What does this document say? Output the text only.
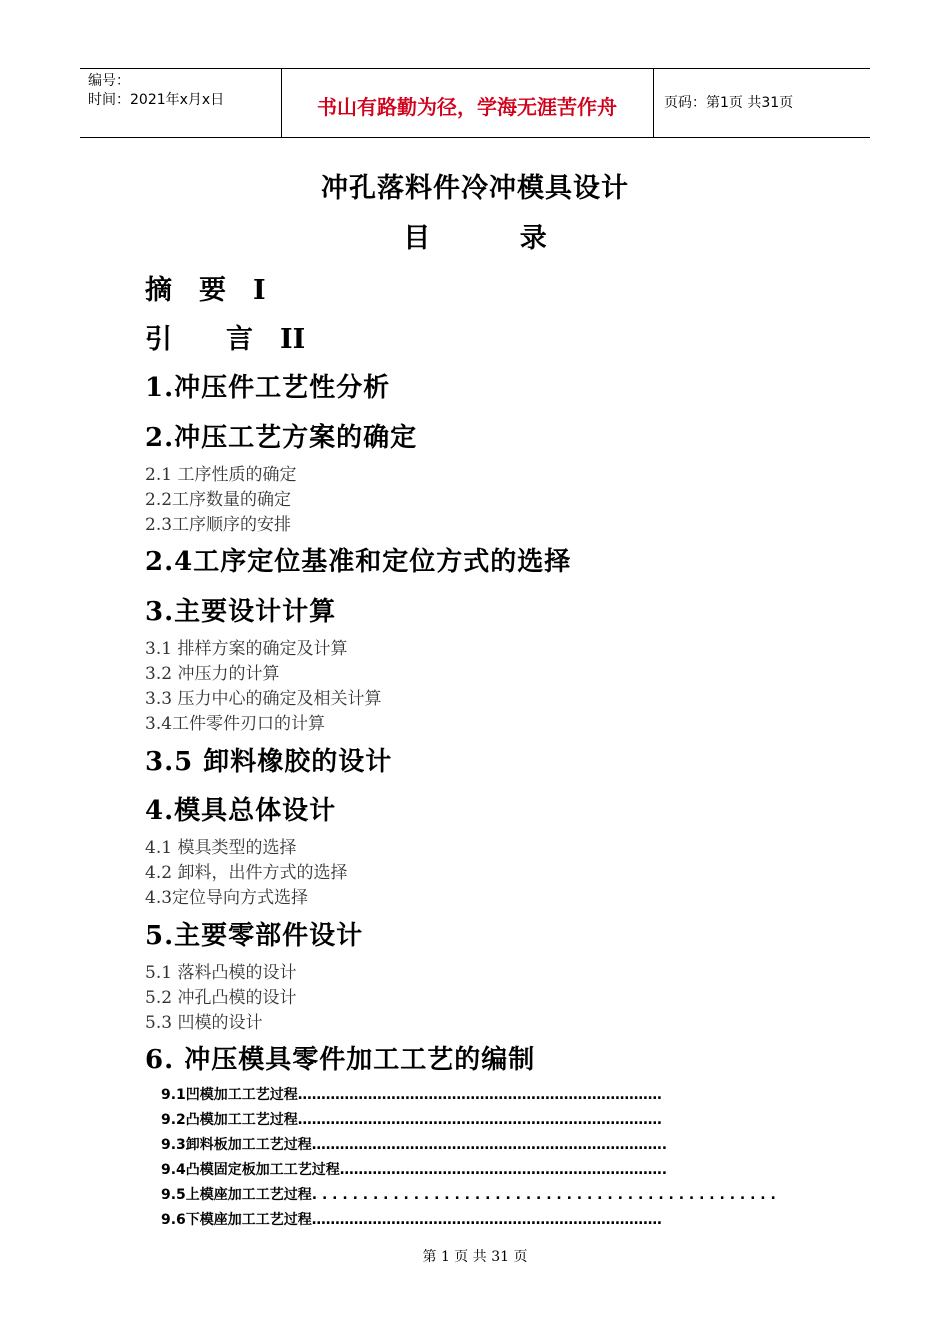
编号：
时间：2021年x月x日	书山有路勤为径，学海无涯苦作舟	页码：第1页 共31页
冲孔落料件冷冲模具设计
目 录
摘　要　I
引　　言　II
1.冲压件工艺性分析
2.冲压工艺方案的确定
2.1 工序性质的确定
2.2工序数量的确定
2.3工序顺序的安排
2.4工序定位基准和定位方式的选择
3.主要设计计算
3.1 排样方案的确定及计算
3.2 冲压力的计算
3.3 压力中心的确定及相关计算
3.4工件零件刃口的计算
3.5 卸料橡胶的设计
4.模具总体设计
4.1 模具类型的选择
4.2 卸料，出件方式的选择
4.3定位导向方式选择
5.主要零部件设计
5.1 落料凸模的设计
5.2 冲孔凸模的设计
5.3 凹模的设计
6. 冲压模具零件加工工艺的编制
9.1凹模加工工艺过程……………………………………………………………………
9.2凸模加工工艺过程……………………………………………………………………
9.3卸料板加工工艺过程………………………………………………………………….
9.4凸模固定板加工工艺过程…………………………………………………………….
9.5上模座加工工艺过程. . . . . . . . . . . . . . . . . . . . . . . . . . . . . . . . . . . . . . . . . . . . . .
9.6下模座加工工艺过程…………………………………………………………………
第 1 页 共 31 页
